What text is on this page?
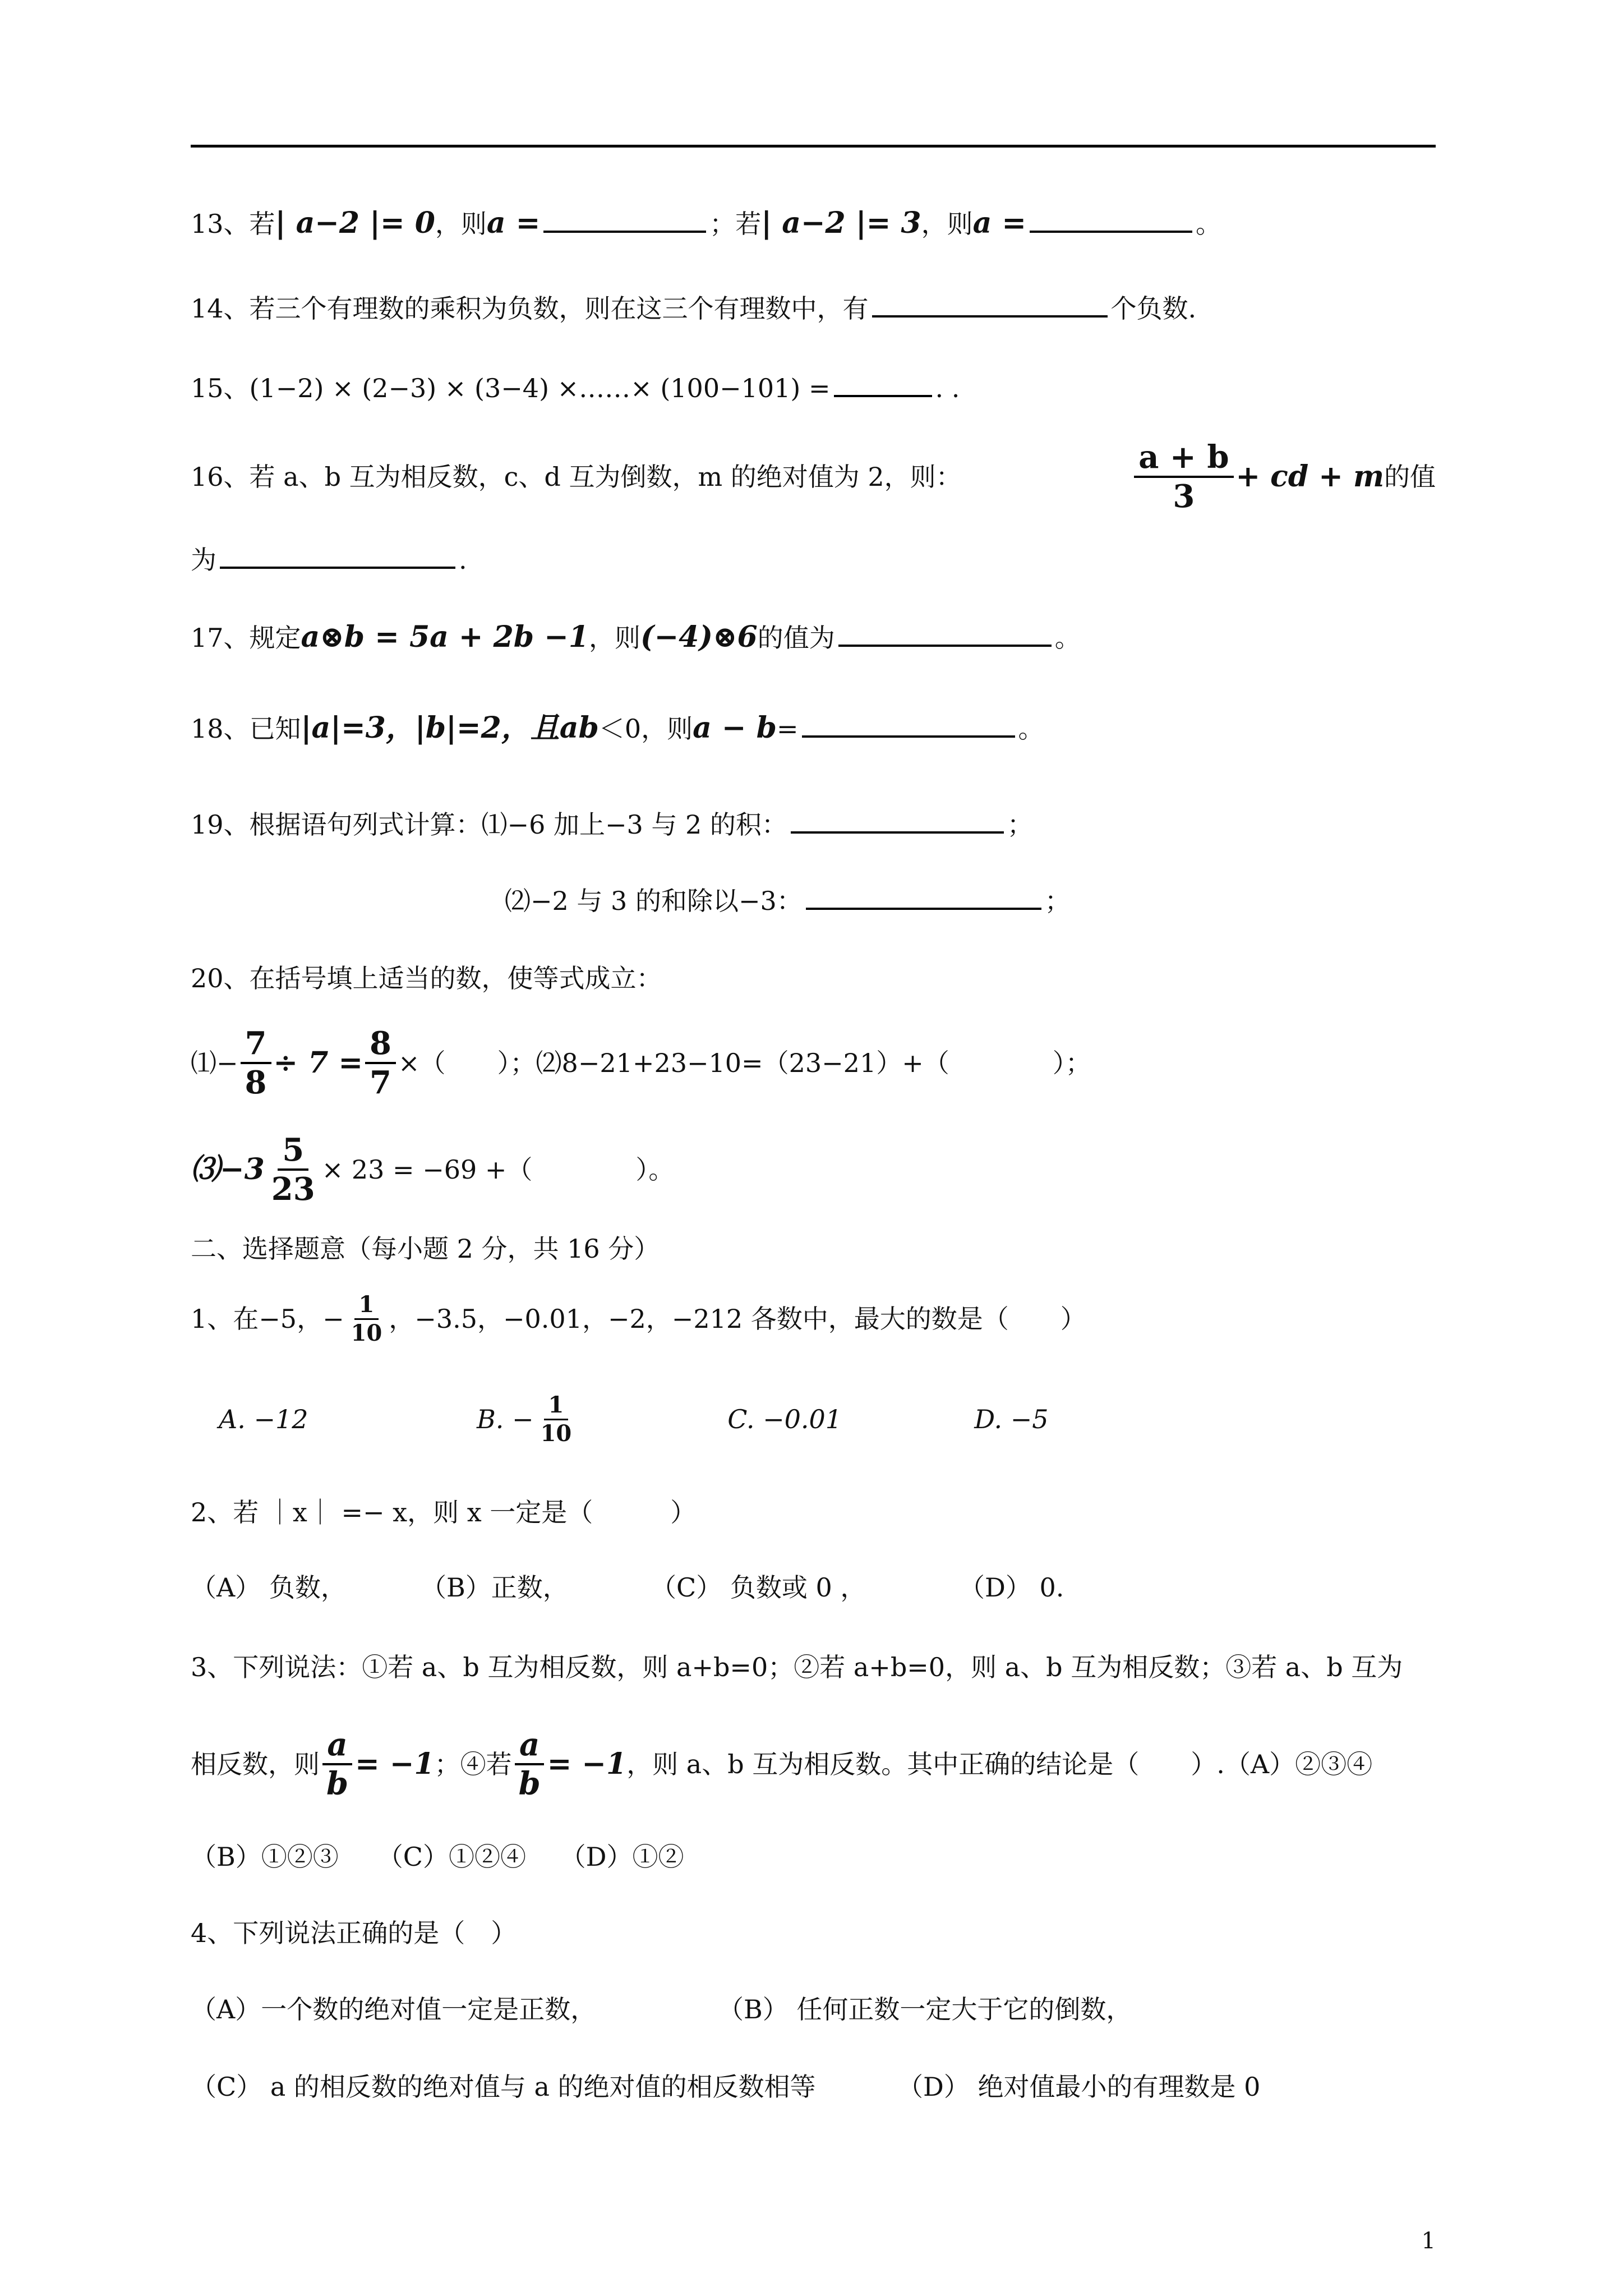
13、若| a−2 |= 0，则a =	；若| a−2 |= 3，则a =	。
14、若三个有理数的乘积为负数，则在这三个有理数中，有	个负数.
15、(1−2) × (2−3) × (3−4) ×……× (100−101) =	. .
16、若 a、b 互为相反数，c、d 互为倒数，m 的绝对值为 2，则：	$\frac{a + b}{3}$ + cd + m 的值
为	.
17、规定a⊗b = 5a + 2b −1，则(−4)⊗6的值为	。
18、已知|a|=3，|b|=2，且ab＜0，则a − b=	。
19、根据语句列式计算：⑴−6 加上−3 与 2 的积：	；
⑵−2 与 3 的和除以−3：	；
20、在括号填上适当的数，使等式成立：
⑴− $\frac{7}{8} \div 7 = \frac{8}{7}$ ×（　　）；⑵8−21+23−10=（23−21）+（　　　　）；
⑶−3 $\frac{5}{23} \times 23 = -69$ +（　　　　）。
二、选择题意（每小题 2 分，共 16 分）
1、在−5，− $\frac{1}{10}$ ，−3.5，−0.01，−2，−212 各数中，最大的数是（　　）
A. −12	B. − $\frac{1}{10}$	C. −0.01	D. −5
2、若 ｜x｜ =− x，则 x 一定是（　　　）
（A） 负数，	（B）正数，	（C） 负数或 0 ，	（D） 0.
3、下列说法：①若 a、b 互为相反数，则 a+b=0；②若 a+b=0，则 a、b 互为相反数；③若 a、b 互为
相反数，则 $\frac{a}{b} = -1$ ；④若 $\frac{a}{b} = -1$ ，则 a、b 互为相反数。其中正确的结论是（　　）.（A）②③④
（B）①②③　　（C）①②④　 （D）①②
4、下列说法正确的是（　）
（A）一个数的绝对值一定是正数，	（B） 任何正数一定大于它的倒数，
（C） a 的相反数的绝对值与 a 的绝对值的相反数相等	（D） 绝对值最小的有理数是 0
1
